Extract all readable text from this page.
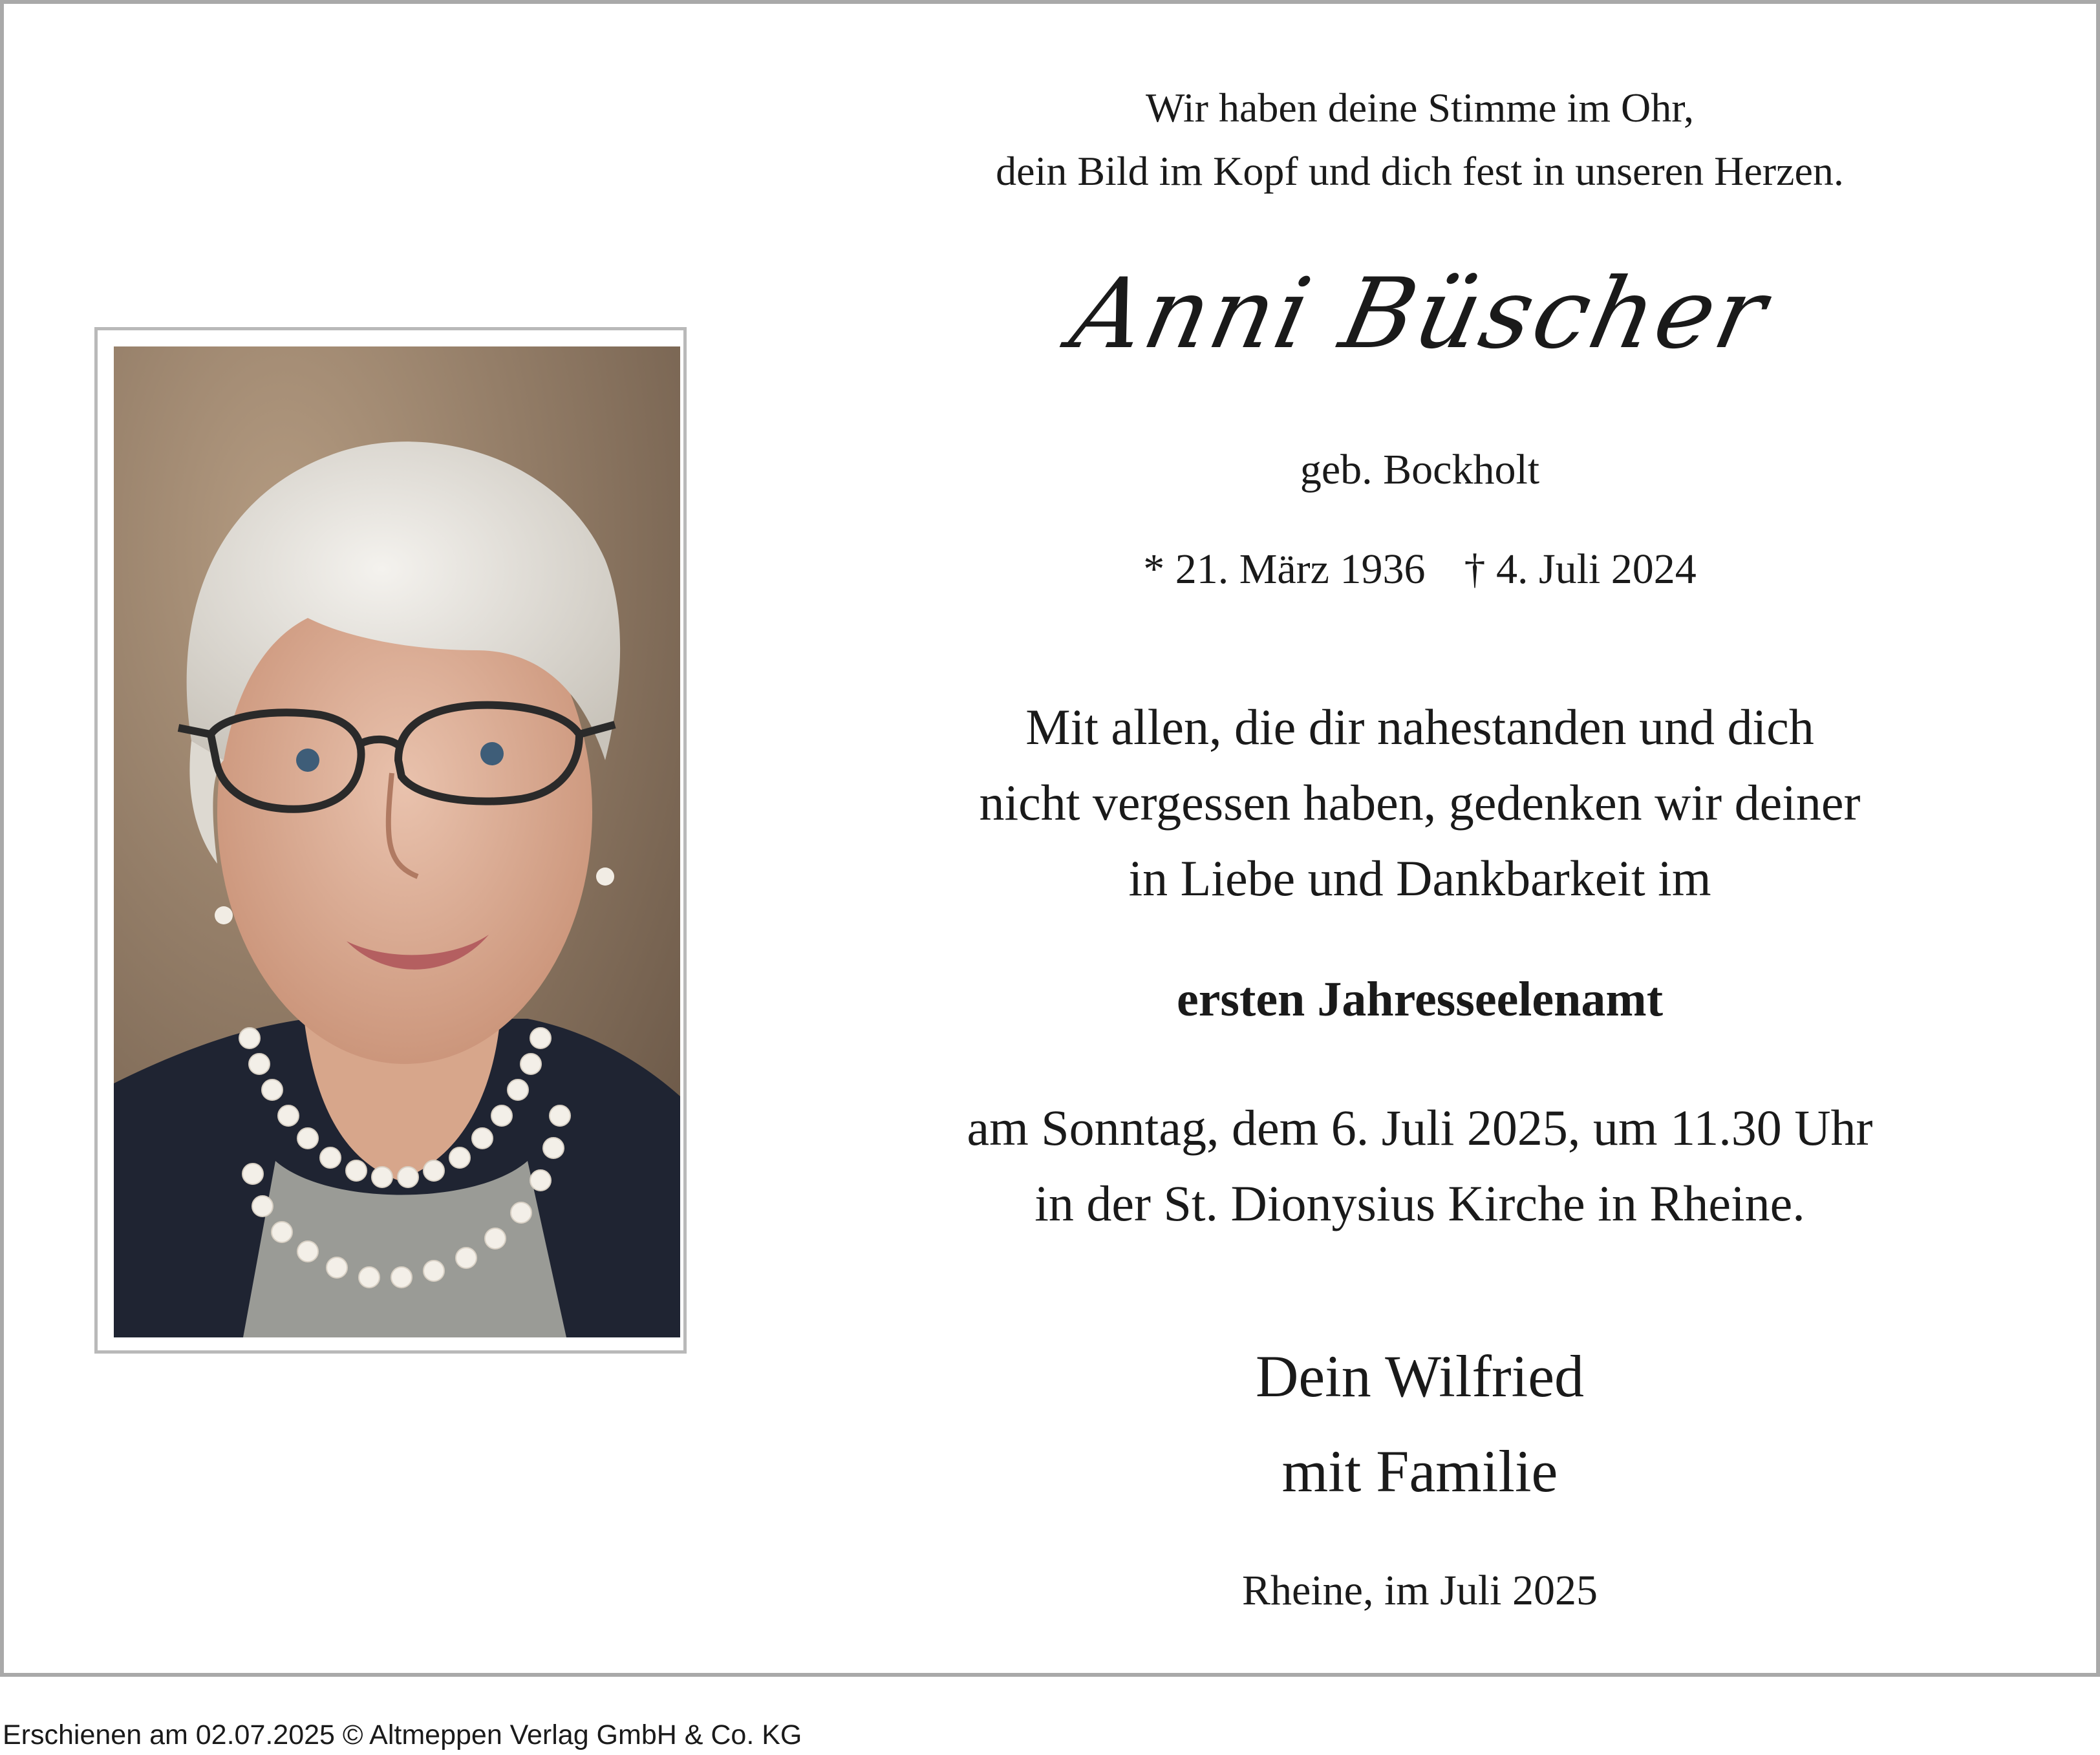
Wir haben deine Stimme im Ohr,
dein Bild im Kopf und dich fest in unseren Herzen.
Anni Büscher
geb. Bockholt
* 21. März 1936 † 4. Juli 2024
Mit allen, die dir nahestanden und dich
nicht vergessen haben, gedenken wir deiner
in Liebe und Dankbarkeit im
ersten Jahresseelenamt
am Sonntag, dem 6. Juli 2025, um 11.30 Uhr
in der St. Dionysius Kirche in Rheine.
Dein Wilfried
mit Familie
Rheine, im Juli 2025
Erschienen am 02.07.2025 © Altmeppen Verlag GmbH & Co. KG
